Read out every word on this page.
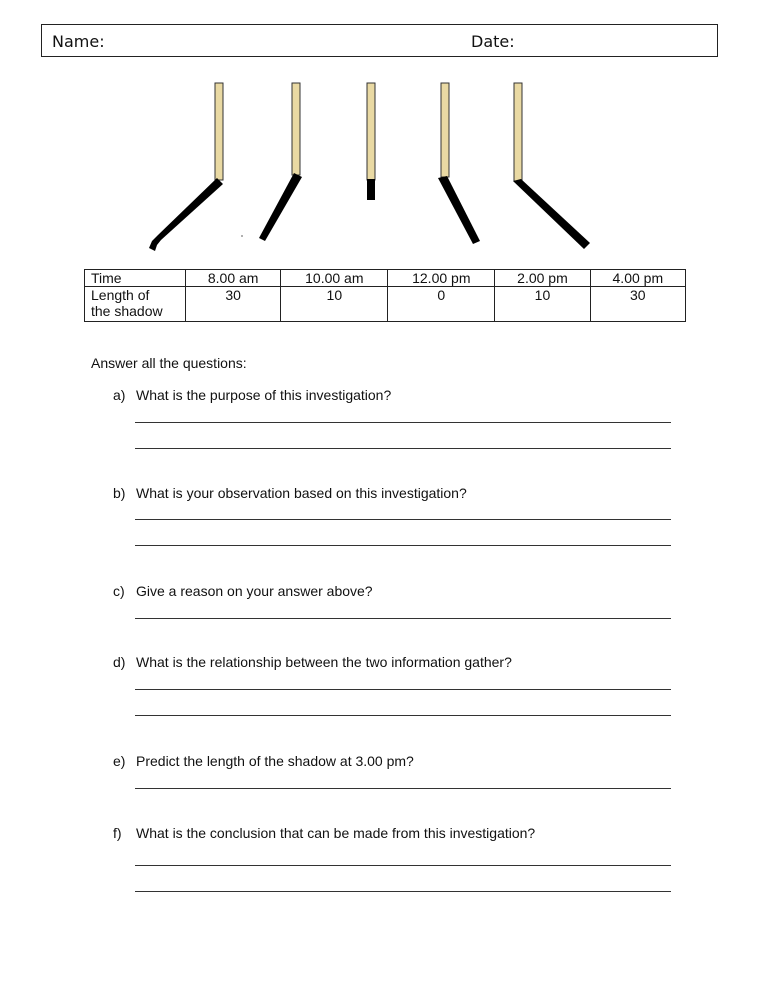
Name:	Date:
Time	8.00 am	10.00 am	12.00 pm	2.00 pm	4.00 pm
Length of
the shadow	30	10	0	10	30
Answer all the questions:
a) What is the purpose of this investigation?
b) What is your observation based on this investigation?
c) Give a reason on your answer above?
d) What is the relationship between the two information gather?
e) Predict the length of the shadow at 3.00 pm?
f) What is the conclusion that can be made from this investigation?
